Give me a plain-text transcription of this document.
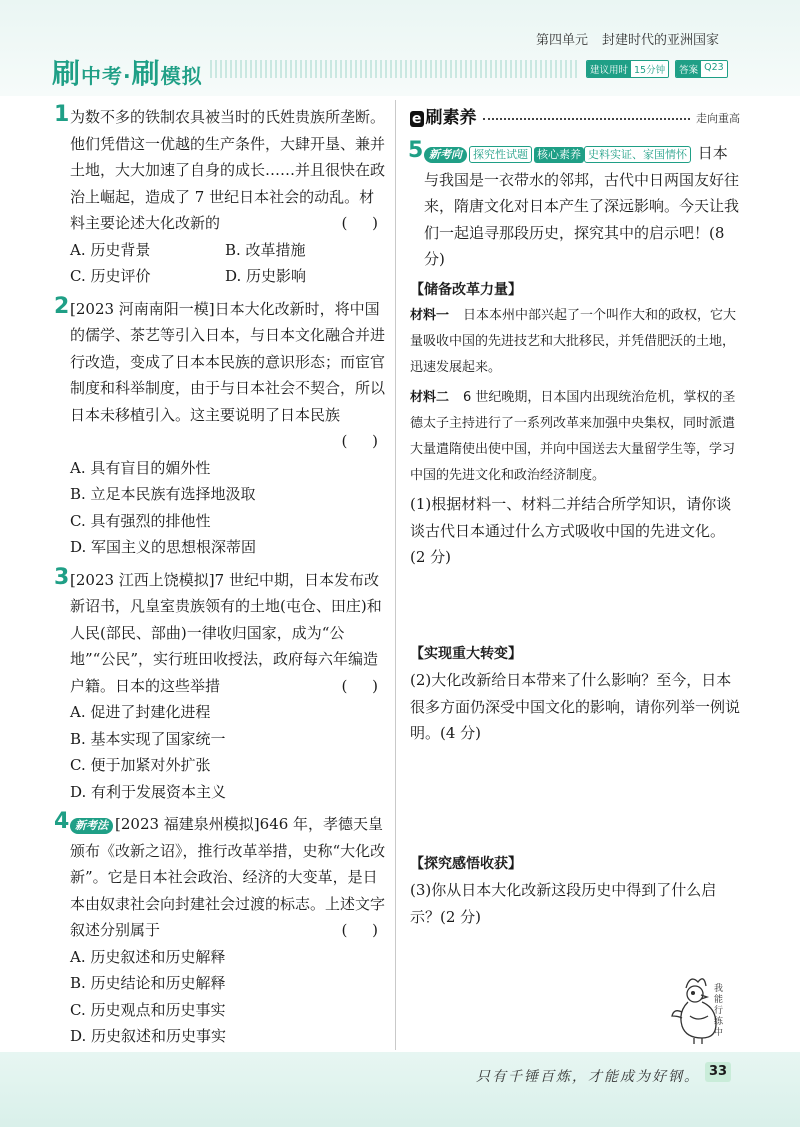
刷中考·刷模拟
第四单元 封建时代的亚洲国家
建议用时 15分钟	答案 Q23
1 为数不多的铁制农具被当时的氏姓贵族所垄断。他们凭借这一优越的生产条件，大肆开垦、兼并土地，大大加速了自身的成长……并且很快在政治上崛起，造成了 7 世纪日本社会的动乱。材料主要论述大化改新的	( )
A. 历史背景	B. 改革措施
C. 历史评价	D. 历史影响
2 [2023 河南南阳一模]日本大化改新时，将中国的儒学、茶艺等引入日本，与日本文化融合并进行改造，变成了日本本民族的意识形态；而宦官制度和科举制度，由于与日本社会不契合，所以日本未移植引入。这主要说明了日本民族

( )

A. 具有盲目的媚外性
B. 立足本民族有选择地汲取
C. 具有强烈的排他性
D. 军国主义的思想根深蒂固
3 [2023 江西上饶模拟]7 世纪中期，日本发布改新诏书，凡皇室贵族领有的土地(屯仓、田庄)和人民(部民、部曲)一律收归国家，成为“公地”“公民”，实行班田收授法，政府每六年编造户籍。日本的这些举措	( )
A. 促进了封建化进程
B. 基本实现了国家统一
C. 便于加紧对外扩张
D. 有利于发展资本主义
4 新考法 [2023 福建泉州模拟]646 年，孝德天皇颁布《改新之诏》，推行改革举措，史称“大化改新”。它是日本社会政治、经济的大变革，是日本由奴隶社会向封建社会过渡的标志。上述文字叙述分别属于	( )
A. 历史叙述和历史解释
B. 历史结论和历史解释
C. 历史观点和历史事实
D. 历史叙述和历史事实
e 刷素养	走向重高
5 新考向 探究性试题 核心素养 史料实证、家国情怀 日本与我国是一衣带水的邻邦，古代中日两国友好往来，隋唐文化对日本产生了深远影响。今天让我们一起追寻那段历史，探究其中的启示吧！(8 分)
【储备改革力量】
材料一 日本本州中部兴起了一个叫作大和的政权，它大量吸收中国的先进技艺和大批移民，并凭借肥沃的土地，迅速发展起来。
材料二 6 世纪晚期，日本国内出现统治危机，掌权的圣德太子主持进行了一系列改革来加强中央集权，同时派遣大量遣隋使出使中国，并向中国送去大量留学生等，学习中国的先进文化和政治经济制度。
(1)根据材料一、材料二并结合所学知识，请你谈谈古代日本通过什么方式吸收中国的先进文化。(2 分)
【实现重大转变】
(2)大化改新给日本带来了什么影响？至今，日本很多方面仍深受中国文化的影响，请你列举一例说明。(4 分)
【探究感悟收获】
(3)你从日本大化改新这段历史中得到了什么启示？(2 分)
我能行练中
只有千锤百炼，才能成为好钢。 33
